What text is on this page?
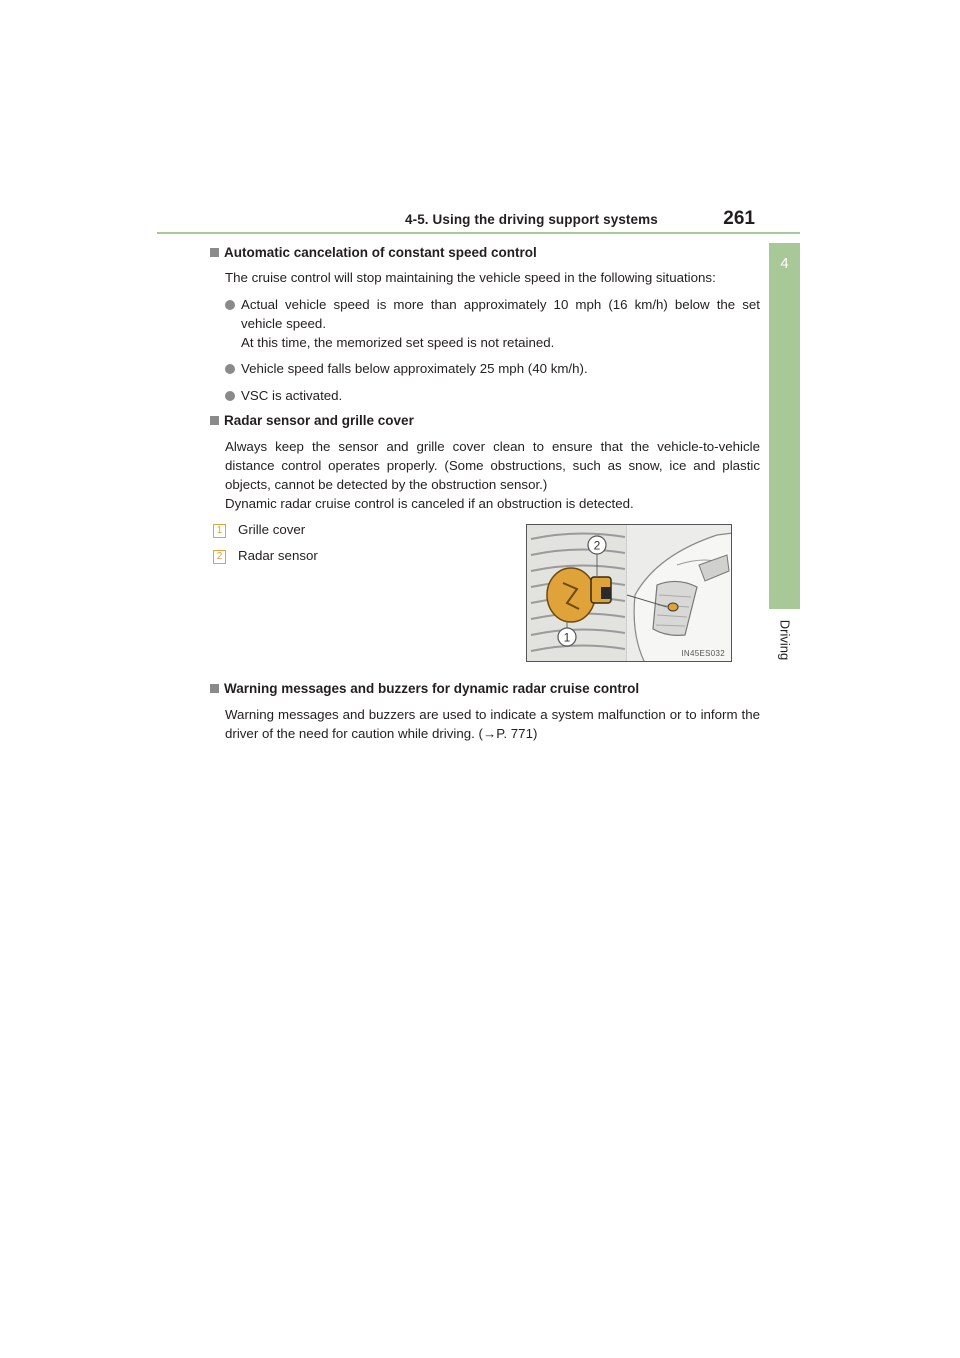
4-5. Using the driving support systems	261
4
Driving
Automatic cancelation of constant speed control
The cruise control will stop maintaining the vehicle speed in the following situations:
Actual vehicle speed is more than approximately 10 mph (16 km/h) below the set vehicle speed.
At this time, the memorized set speed is not retained.
Vehicle speed falls below approximately 25 mph (40 km/h).
VSC is activated.
Radar sensor and grille cover
Always keep the sensor and grille cover clean to ensure that the vehicle-to-vehicle distance control operates properly. (Some obstructions, such as snow, ice and plastic objects, cannot be detected by the obstruction sensor.)
Dynamic radar cruise control is canceled if an obstruction is detected.
Warning messages and buzzers for dynamic radar cruise control
Warning messages and buzzers are used to indicate a system malfunction or to inform the driver of the need for caution while driving. (→P. 771)
1 Grille cover
2 Radar sensor
2
1
IN45ES032
